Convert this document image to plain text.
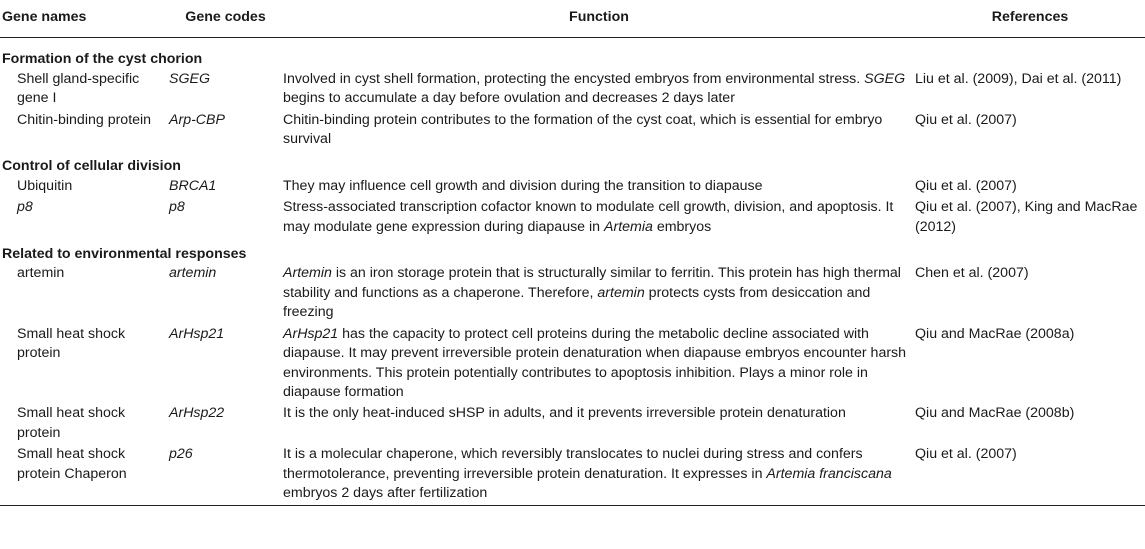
Gene names	Gene codes	Function	References
Formation of the cyst chorion			
Shell gland-specific gene I	SGEG	Involved in cyst shell formation, protecting the encysted embryos from environmental stress. SGEG begins to accumulate a day before ovulation and decreases 2 days later	Liu et al. (2009), Dai et al. (2011)
Chitin-binding protein	Arp-CBP	Chitin-binding protein contributes to the formation of the cyst coat, which is essential for embryo survival	Qiu et al. (2007)
Control of cellular division			
Ubiquitin	BRCA1	They may influence cell growth and division during the transition to diapause	Qiu et al. (2007)
p8	p8	Stress-associated transcription cofactor known to modulate cell growth, division, and apoptosis. It may modulate gene expression during diapause in Artemia embryos	Qiu et al. (2007), King and MacRae (2012)
Related to environmental responses			
artemin	artemin	Artemin is an iron storage protein that is structurally similar to ferritin. This protein has high thermal stability and functions as a chaperone. Therefore, artemin protects cysts from desiccation and freezing	Chen et al. (2007)
Small heat shock protein	ArHsp21	ArHsp21 has the capacity to protect cell proteins during the metabolic decline associated with diapause. It may prevent irreversible protein denaturation when diapause embryos encounter harsh environments. This protein potentially contributes to apoptosis inhibition. Plays a minor role in diapause formation	Qiu and MacRae (2008a)
Small heat shock protein	ArHsp22	It is the only heat-induced sHSP in adults, and it prevents irreversible protein denaturation	Qiu and MacRae (2008b)
Small heat shock protein Chaperon	p26	It is a molecular chaperone, which reversibly translocates to nuclei during stress and confers thermotolerance, preventing irreversible protein denaturation. It expresses in Artemia franciscana embryos 2 days after fertilization	Qiu et al. (2007)
